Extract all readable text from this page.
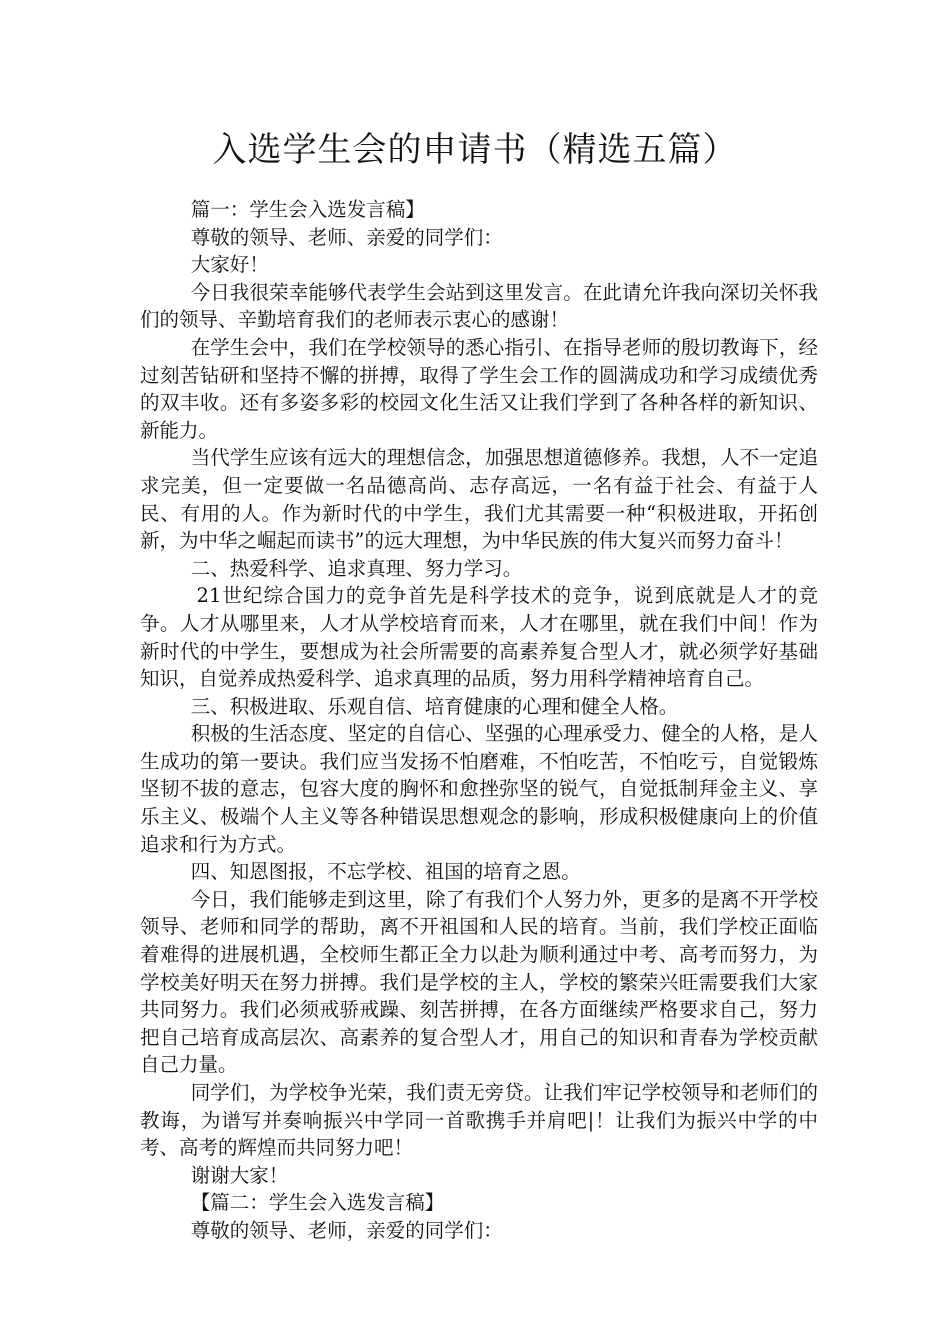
入选学生会的申请书（精选五篇）

篇一：学生会入选发言稿】

尊敬的领导、老师、亲爱的同学们：

大家好！

今日我很荣幸能够代表学生会站到这里发言。在此请允许我向深切关怀我们的领导、辛勤培育我们的老师表示衷心的感谢！

在学生会中，我们在学校领导的悉心指引、在指导老师的殷切教诲下，经过刻苦钻研和坚持不懈的拼搏，取得了学生会工作的圆满成功和学习成绩优秀的双丰收。还有多姿多彩的校园文化生活又让我们学到了各种各样的新知识、新能力。

当代学生应该有远大的理想信念，加强思想道德修养。我想，人不一定追求完美，但一定要做一名品德高尚、志存高远，一名有益于社会、有益于人民、有用的人。作为新时代的中学生，我们尤其需要一种“积极进取，开拓创新，为中华之崛起而读书”的远大理想，为中华民族的伟大复兴而努力奋斗！

二、热爱科学、追求真理、努力学习。

21世纪综合国力的竞争首先是科学技术的竞争，说到底就是人才的竞争。人才从哪里来，人才从学校培育而来，人才在哪里，就在我们中间！作为新时代的中学生，要想成为社会所需要的高素养复合型人才，就必须学好基础知识，自觉养成热爱科学、追求真理的品质，努力用科学精神培育自己。

三、积极进取、乐观自信、培育健康的心理和健全人格。

积极的生活态度、坚定的自信心、坚强的心理承受力、健全的人格，是人生成功的第一要诀。我们应当发扬不怕磨难，不怕吃苦，不怕吃亏，自觉锻炼坚韧不拔的意志，包容大度的胸怀和愈挫弥坚的锐气，自觉抵制拜金主义、享乐主义、极端个人主义等各种错误思想观念的影响，形成积极健康向上的价值追求和行为方式。

四、知恩图报，不忘学校、祖国的培育之恩。

今日，我们能够走到这里，除了有我们个人努力外，更多的是离不开学校领导、老师和同学的帮助，离不开祖国和人民的培育。当前，我们学校正面临着难得的进展机遇，全校师生都正全力以赴为顺利通过中考、高考而努力，为学校美好明天在努力拼搏。我们是学校的主人，学校的繁荣兴旺需要我们大家共同努力。我们必须戒骄戒躁、刻苦拼搏，在各方面继续严格要求自己，努力把自己培育成高层次、高素养的复合型人才，用自己的知识和青春为学校贡献自己力量。

同学们，为学校争光荣，我们责无旁贷。让我们牢记学校领导和老师们的教诲，为谱写并奏响振兴中学同一首歌携手并肩吧|！让我们为振兴中学的中考、高考的辉煌而共同努力吧！

谢谢大家！

【篇二：学生会入选发言稿】

尊敬的领导、老师，亲爱的同学们：
